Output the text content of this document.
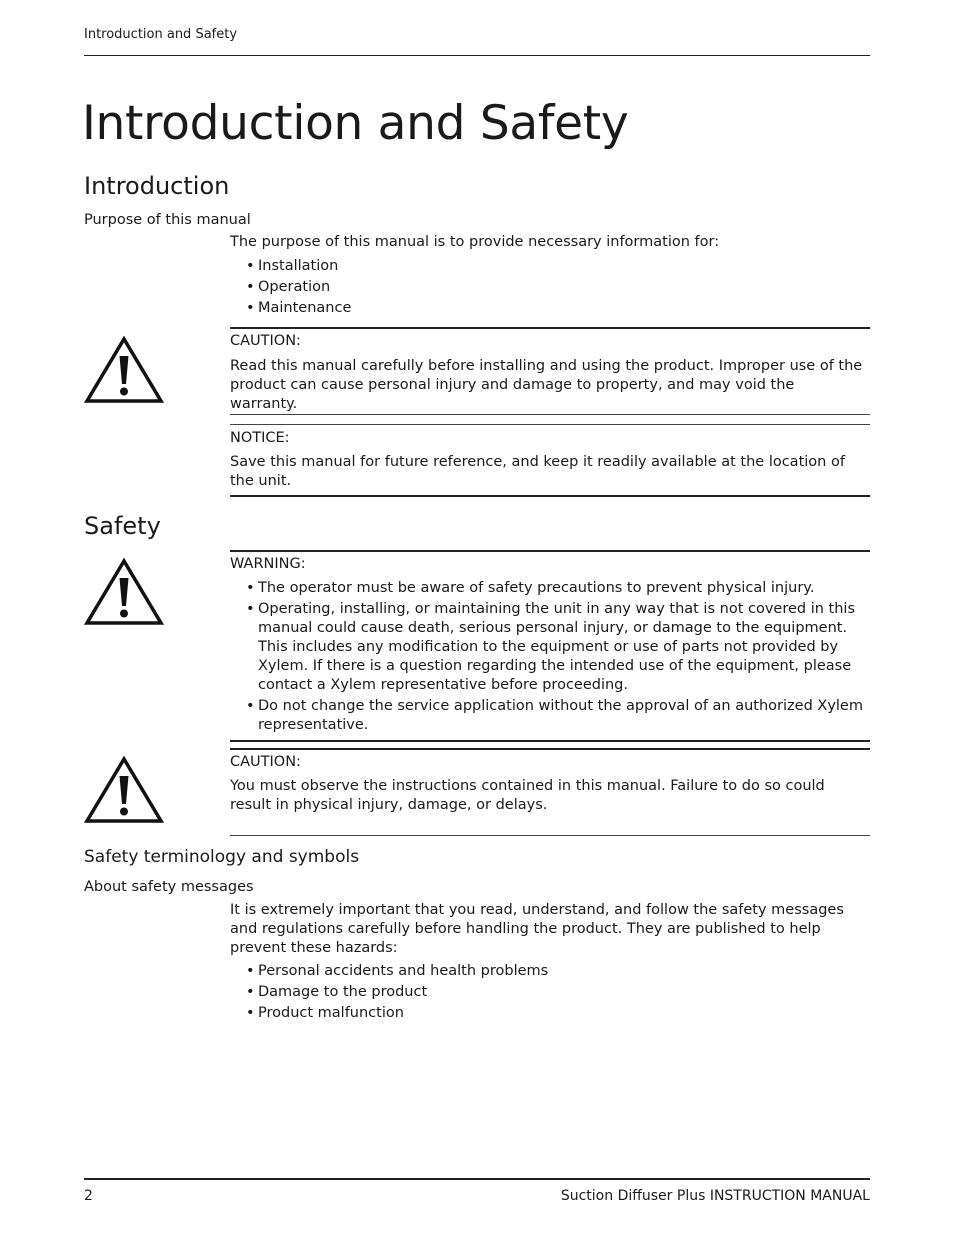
Introduction and Safety
Introduction and Safety
Introduction
Purpose of this manual
The purpose of this manual is to provide necessary information for:
• Installation
• Operation
• Maintenance
CAUTION:
Read this manual carefully before installing and using the product. Improper use of the product can cause personal injury and damage to property, and may void the warranty.
NOTICE:
Save this manual for future reference, and keep it readily available at the location of the unit.
Safety
WARNING:
• The operator must be aware of safety precautions to prevent physical injury.
• Operating, installing, or maintaining the unit in any way that is not covered in this manual could cause death, serious personal injury, or damage to the equipment. This includes any modification to the equipment or use of parts not provided by Xylem. If there is a question regarding the intended use of the equipment, please contact a Xylem representative before proceeding.
• Do not change the service application without the approval of an authorized Xylem representative.
CAUTION:
You must observe the instructions contained in this manual. Failure to do so could result in physical injury, damage, or delays.
Safety terminology and symbols
About safety messages
It is extremely important that you read, understand, and follow the safety messages and regulations carefully before handling the product. They are published to help prevent these hazards:
• Personal accidents and health problems
• Damage to the product
• Product malfunction
2	Suction Diffuser Plus INSTRUCTION MANUAL
